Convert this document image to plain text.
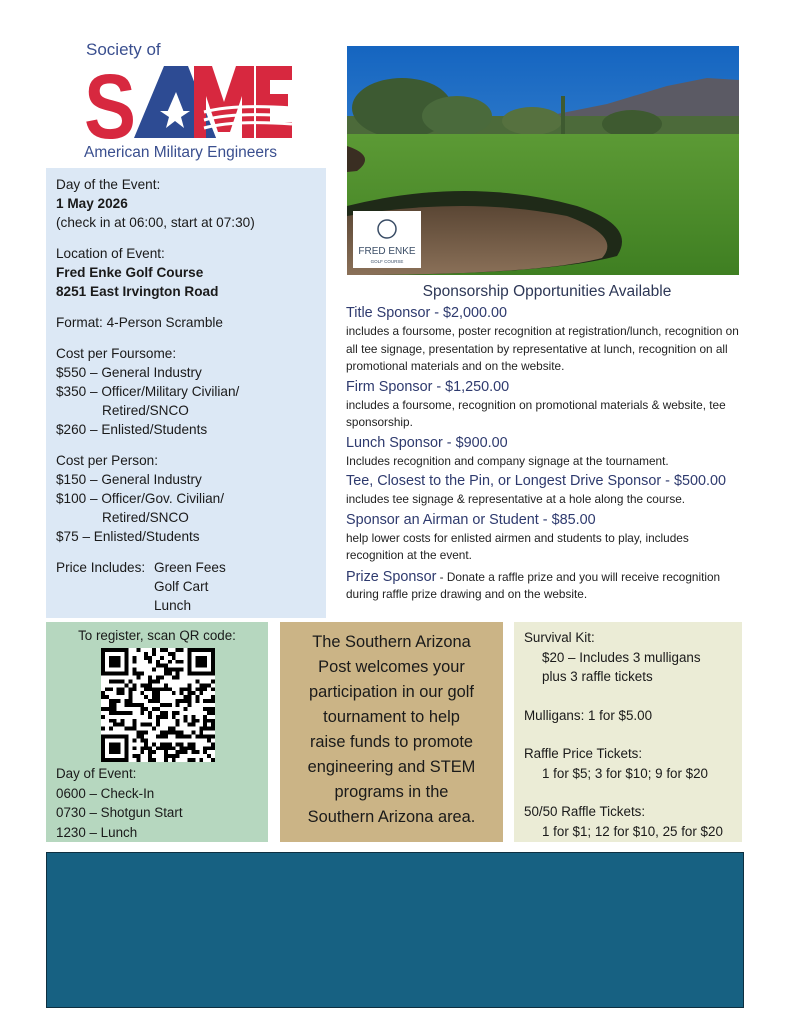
Society of
S
American Military Engineers

Day of the Event:

1 May 2026

(check in at 06:00, start at 07:30)

Location of Event:

Fred Enke Golf Course

8251 East Irvington Road

Format: 4-Person Scramble

Cost per Foursome:

$550 – General Industry

$350 – Officer/Military Civilian/

Retired/SNCO

$260 – Enlisted/Students

Cost per Person:

$150 – General Industry

$100 – Officer/Gov. Civilian/

Retired/SNCO

$75 – Enlisted/Students

Price Includes: Green Fees

Golf Cart

Lunch

FRED ENKE
GOLF COURSE
Sponsorship Opportunities Available
Title Sponsor - $2,000.00
includes a foursome, poster recognition at registration/lunch, recognition on all tee signage, presentation by representative at lunch, recognition on all promotional materials and on the website.
Firm Sponsor - $1,250.00
includes a foursome, recognition on promotional materials & website, tee sponsorship.
Lunch Sponsor - $900.00
Includes recognition and company signage at the tournament.
Tee, Closest to the Pin, or Longest Drive Sponsor - $500.00
includes tee signage & representative at a hole along the course.
Sponsor an Airman or Student - $85.00
help lower costs for enlisted airmen and students to play, includes recognition at the event.
Prize Sponsor - Donate a raffle prize and you will receive recognition during raffle prize drawing and on the website.
To register, scan QR code:
Day of Event:
0600 – Check-In
0730 – Shotgun Start
1230 – Lunch
The Southern Arizona
Post welcomes your
participation in our golf
tournament to help
raise funds to promote
engineering and STEM
programs in the
Southern Arizona area.

Survival Kit:

$20 – Includes 3 mulligans

plus 3 raffle tickets

Mulligans: 1 for $5.00

Raffle Price Tickets:

1 for $5; 3 for $10; 9 for $20

50/50 Raffle Tickets:

1 for $1; 12 for $10, 25 for $20
